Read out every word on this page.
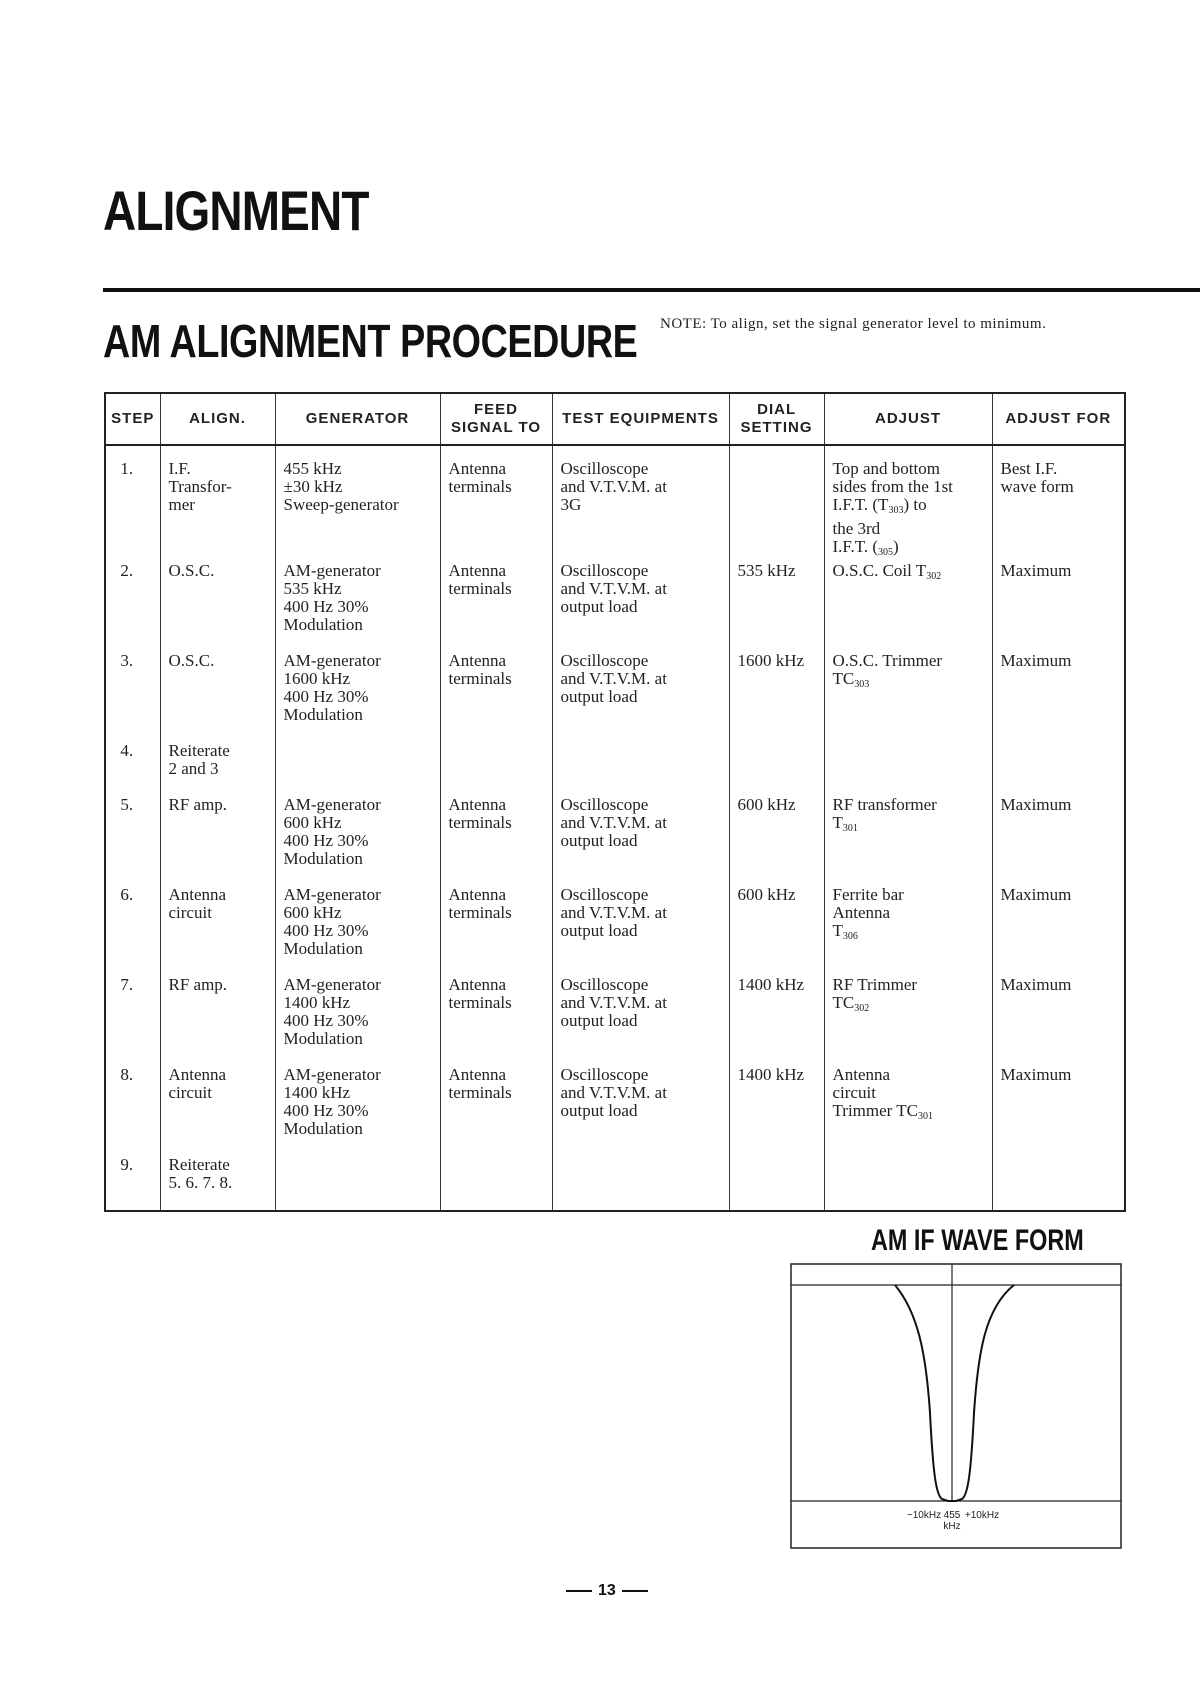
ALIGNMENT
AM ALIGNMENT PROCEDURE NOTE: To align, set the signal generator level to minimum.
STEP	ALIGN.	GENERATOR	FEED SIGNAL TO	TEST EQUIPMENTS	DIAL SETTING	ADJUST	ADJUST FOR
1.	I.F.
Transfor-
mer	455 kHz
±30 kHz
Sweep-generator	Antenna
terminals	Oscilloscope
and V.T.V.M. at
3G		Top and bottom
sides from the 1st
I.F.T. $(T_{303})$ to
the 3rd
I.F.T. $(_{305})$	Best I.F.
wave form

2.	O.S.C.	AM-generator
535 kHz
400 Hz 30%
Modulation	Antenna
terminals	Oscilloscope
and V.T.V.M. at
output load	535 kHz	O.S.C. Coil $T_{302}$	Maximum

3.	O.S.C.	AM-generator
1600 kHz
400 Hz 30%
Modulation	Antenna
terminals	Oscilloscope
and V.T.V.M. at
output load	1600 kHz	O.S.C. Trimmer
$TC_{303}$	Maximum

4.	Reiterate
2 and 3						

5.	RF amp.	AM-generator
600 kHz
400 Hz 30%
Modulation	Antenna
terminals	Oscilloscope
and V.T.V.M. at
output load	600 kHz	RF transformer
$T_{301}$	Maximum

6.	Antenna
circuit	AM-generator
600 kHz
400 Hz 30%
Modulation	Antenna
terminals	Oscilloscope
and V.T.V.M. at
output load	600 kHz	Ferrite bar
Antenna
$T_{306}$	Maximum

7.	RF amp.	AM-generator
1400 kHz
400 Hz 30%
Modulation	Antenna
terminals	Oscilloscope
and V.T.V.M. at
output load	1400 kHz	RF Trimmer
$TC_{302}$	Maximum

8.	Antenna
circuit	AM-generator
1400 kHz
400 Hz 30%
Modulation	Antenna
terminals	Oscilloscope
and V.T.V.M. at
output load	1400 kHz	Antenna
circuit
Trimmer $TC_{301}$	Maximum

9.	Reiterate
5. 6. 7. 8.						

AM IF WAVE FORM
−10kHz 455
kHz
+10kHz
13
